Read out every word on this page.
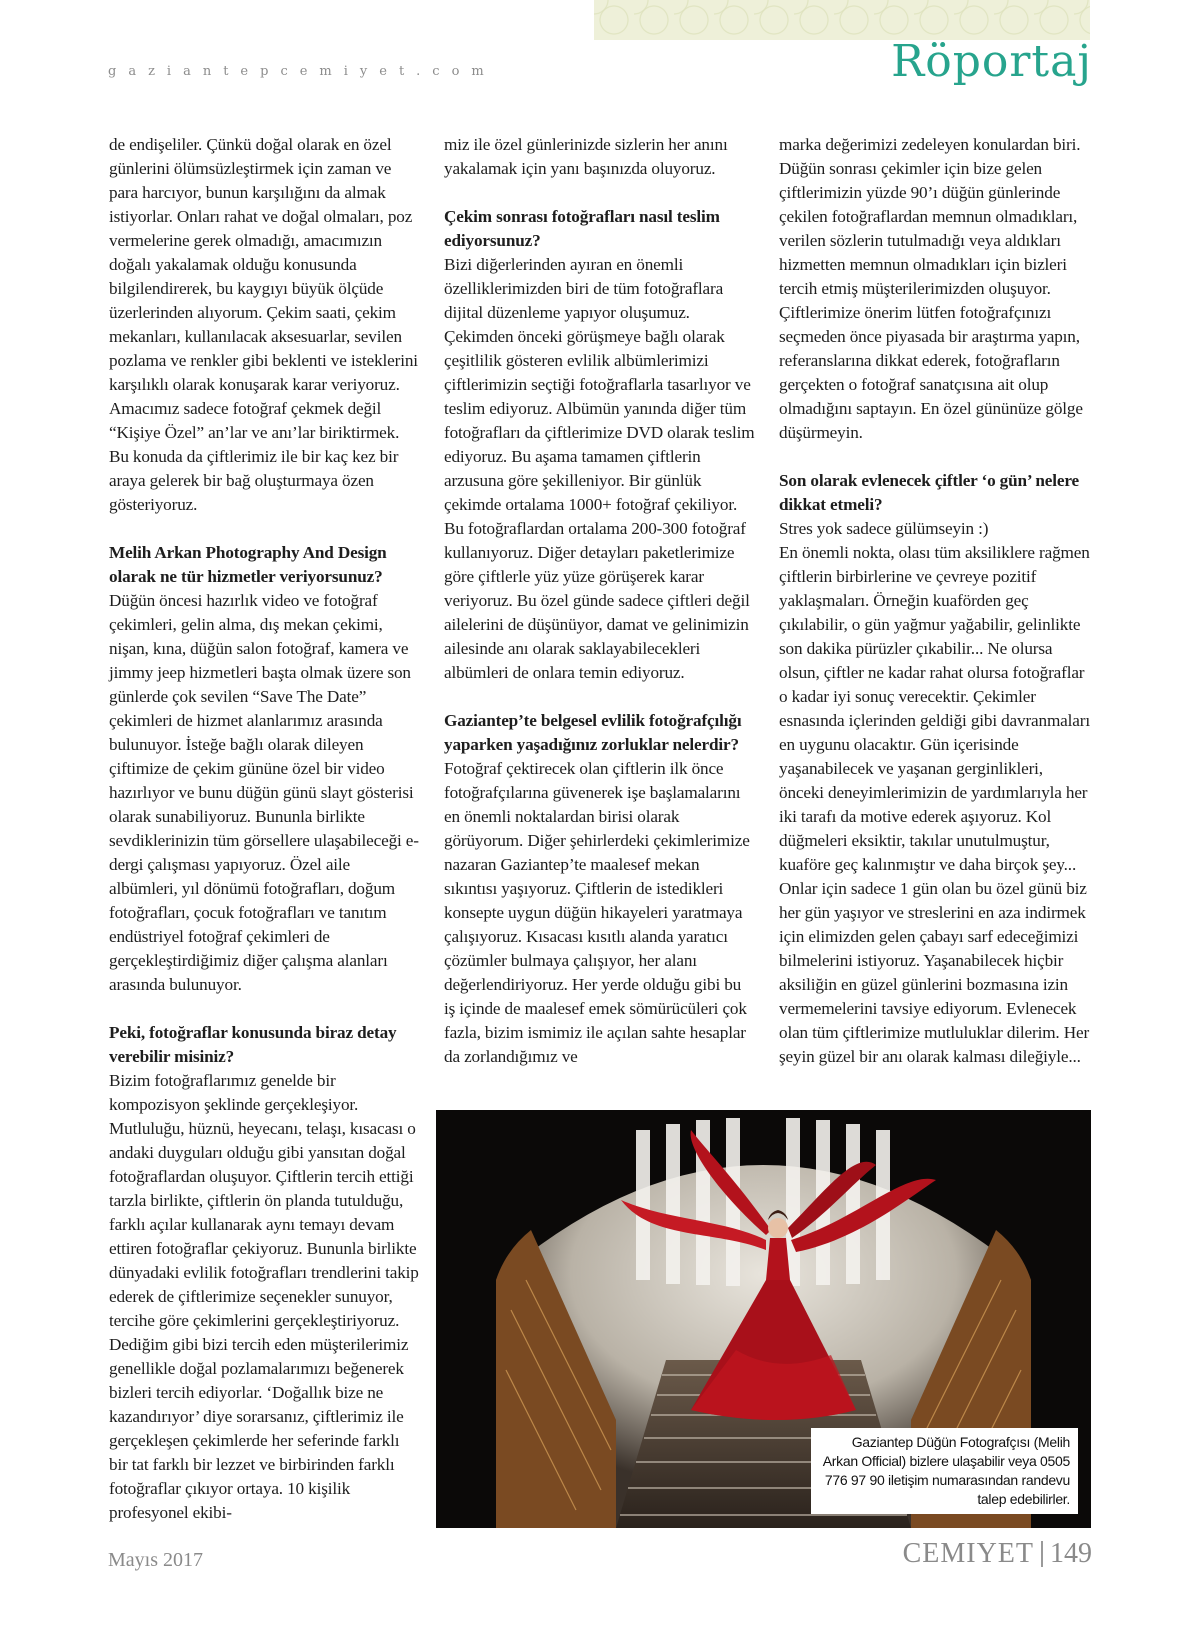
gaziantepcemiyet.com	Röportaj

de endişeliler. Çünkü doğal olarak en özel günlerini ölümsüzleştirmek için zaman ve para harcıyor, bunun karşılığını da almak istiyorlar. Onları rahat ve doğal olmaları, poz vermelerine gerek olmadığı, amacımızın doğalı yakalamak olduğu konusunda bilgilendirerek, bu kaygıyı büyük ölçüde üzerlerinden alıyorum. Çekim saati, çekim mekanları, kullanılacak aksesuarlar, sevilen pozlama ve renkler gibi beklenti ve isteklerini karşılıklı olarak konuşarak karar veriyoruz. Amacımız sadece fotoğraf çekmek değil “Kişiye Özel” an’lar ve anı’lar biriktirmek. Bu konuda da çiftlerimiz ile bir kaç kez bir araya gelerek bir bağ oluşturmaya özen gösteriyoruz.

Melih Arkan Photography And Design olarak ne tür hizmetler veriyorsunuz?

Düğün öncesi hazırlık video ve fotoğraf çekimleri, gelin alma, dış mekan çekimi, nişan, kına, düğün salon fotoğraf, kamera ve jimmy jeep hizmetleri başta olmak üzere son günlerde çok sevilen “Save The Date” çekimleri de hizmet alanlarımız arasında bulunuyor. İsteğe bağlı olarak dileyen çiftimize de çekim gününe özel bir video hazırlıyor ve bunu düğün günü slayt gösterisi olarak sunabiliyoruz. Bununla birlikte sevdiklerinizin tüm görsellere ulaşabileceği e-dergi çalışması yapıyoruz. Özel aile albümleri, yıl dönümü fotoğrafları, doğum fotoğrafları, çocuk fotoğrafları ve tanıtım endüstriyel fotoğraf çekimleri de gerçekleştirdiğimiz diğer çalışma alanları arasında bulunuyor.

Peki, fotoğraflar konusunda biraz detay verebilir misiniz?

Bizim fotoğraflarımız genelde bir kompozisyon şeklinde gerçekleşiyor. Mutluluğu, hüznü, heyecanı, telaşı, kısacası o andaki duyguları olduğu gibi yansıtan doğal fotoğraflardan oluşuyor. Çiftlerin tercih ettiği tarzla birlikte, çiftlerin ön planda tutulduğu, farklı açılar kullanarak aynı temayı devam ettiren fotoğraflar çekiyoruz. Bununla birlikte dünyadaki evlilik fotoğrafları trendlerini takip ederek de çiftlerimize seçenekler sunuyor, tercihe göre çekimlerini gerçekleştiriyoruz. Dediğim gibi bizi tercih eden müşterilerimiz genellikle doğal pozlamalarımızı beğenerek bizleri tercih ediyorlar. ‘Doğallık bize ne kazandırıyor’ diye sorarsanız, çiftlerimiz ile gerçekleşen çekimlerde her seferinde farklı bir tat farklı bir lezzet ve birbirinden farklı fotoğraflar çıkıyor ortaya. 10 kişilik profesyonel ekibi-

miz ile özel günlerinizde sizlerin her anını yakalamak için yanı başınızda oluyoruz.

Çekim sonrası fotoğrafları nasıl teslim ediyorsunuz?

Bizi diğerlerinden ayıran en önemli özelliklerimizden biri de tüm fotoğraflara dijital düzenleme yapıyor oluşumuz. Çekimden önceki görüşmeye bağlı olarak çeşitlilik gösteren evlilik albümlerimizi çiftlerimizin seçtiği fotoğraflarla tasarlıyor ve teslim ediyoruz. Albümün yanında diğer tüm fotoğrafları da çiftlerimize DVD olarak teslim ediyoruz. Bu aşama tamamen çiftlerin arzusuna göre şekilleniyor. Bir günlük çekimde ortalama 1000+ fotoğraf çekiliyor. Bu fotoğraflardan ortalama 200-300 fotoğraf kullanıyoruz. Diğer detayları paketlerimize göre çiftlerle yüz yüze görüşerek karar veriyoruz. Bu özel günde sadece çiftleri değil ailelerini de düşünüyor, damat ve gelinimizin ailesinde anı olarak saklayabilecekleri albümleri de onlara temin ediyoruz.

Gaziantep’te belgesel evlilik fotoğrafçılığı yaparken yaşadığınız zorluklar nelerdir?

Fotoğraf çektirecek olan çiftlerin ilk önce fotoğrafçılarına güvenerek işe başlamalarını en önemli noktalardan birisi olarak görüyorum. Diğer şehirlerdeki çekimlerimize nazaran Gaziantep’te maalesef mekan sıkıntısı yaşıyoruz. Çiftlerin de istedikleri konsepte uygun düğün hikayeleri yaratmaya çalışıyoruz. Kısacası kısıtlı alanda yaratıcı çözümler bulmaya çalışıyor, her alanı değerlendiriyoruz. Her yerde olduğu gibi bu iş içinde de maalesef emek sömürücüleri çok fazla, bizim ismimiz ile açılan sahte hesaplar da zorlandığımız ve

marka değerimizi zedeleyen konulardan biri. Düğün sonrası çekimler için bize gelen çiftlerimizin yüzde 90’ı düğün günlerinde çekilen fotoğraflardan memnun olmadıkları, verilen sözlerin tutulmadığı veya aldıkları hizmetten memnun olmadıkları için bizleri tercih etmiş müşterilerimizden oluşuyor. Çiftlerimize önerim lütfen fotoğrafçınızı seçmeden önce piyasada bir araştırma yapın, referanslarına dikkat ederek, fotoğrafların gerçekten o fotoğraf sanatçısına ait olup olmadığını saptayın. En özel gününüze gölge düşürmeyin.

Son olarak evlenecek çiftler ‘o gün’ nelere dikkat etmeli?

Stres yok sadece gülümseyin :)

En önemli nokta, olası tüm aksiliklere rağmen çiftlerin birbirlerine ve çevreye pozitif yaklaşmaları. Örneğin kuaförden geç çıkılabilir, o gün yağmur yağabilir, gelinlikte son dakika pürüzler çıkabilir... Ne olursa olsun, çiftler ne kadar rahat olursa fotoğraflar o kadar iyi sonuç verecektir. Çekimler esnasında içlerinden geldiği gibi davranmaları en uygunu olacaktır. Gün içerisinde yaşanabilecek ve yaşanan gerginlikleri, önceki deneyimlerimizin de yardımlarıyla her iki tarafı da motive ederek aşıyoruz. Kol düğmeleri eksiktir, takılar unutulmuştur, kuaföre geç kalınmıştır ve daha birçok şey... Onlar için sadece 1 gün olan bu özel günü biz her gün yaşıyor ve streslerini en aza indirmek için elimizden gelen çabayı sarf edeceğimizi bilmelerini istiyoruz. Yaşanabilecek hiçbir aksiliğin en güzel günlerini bozmasına izin vermemelerini tavsiye ediyorum. Evlenecek olan tüm çiftlerimize mutluluklar dilerim. Her şeyin güzel bir anı olarak kalması dileğiyle...

Gaziantep Düğün Fotografçısı (Melih Arkan Official) bizlere ulaşabilir veya 0505 776 97 90 iletişim numarasından randevu talep edebilirler.
Mayıs 2017	CEMIYET 149
